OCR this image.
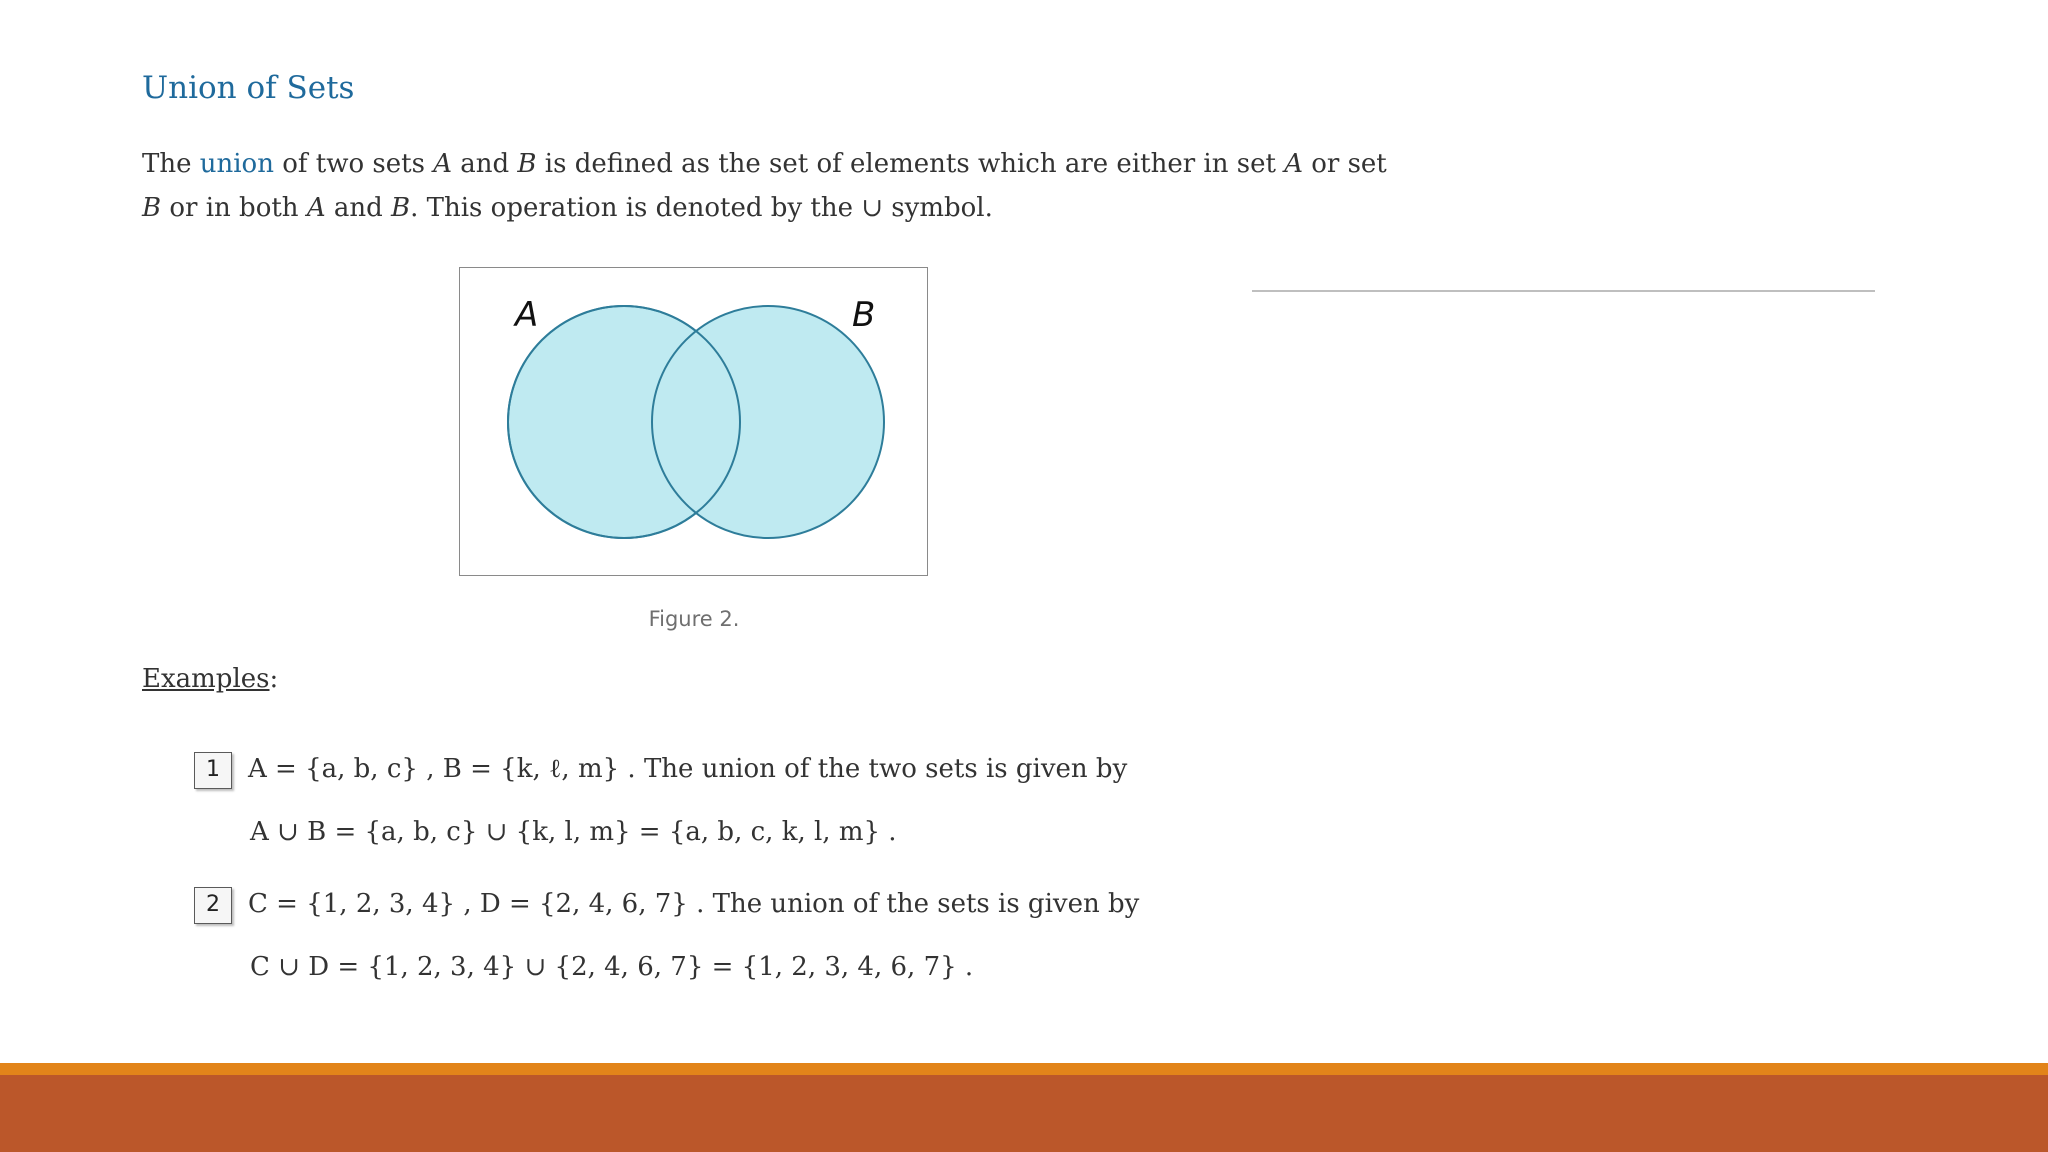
Union of Sets
The union of two sets A and B is defined as the set of elements which are either in set A or set
B or in both A and B. This operation is denoted by the ∪ symbol.
A	B
Figure 2.
Examples:
1	A = {a, b, c} , B = {k, ℓ, m} . The union of the two sets is given by
A ∪ B = {a, b, c} ∪ {k, l, m} = {a, b, c, k, l, m} .
2	C = {1, 2, 3, 4} , D = {2, 4, 6, 7} . The union of the sets is given by
C ∪ D = {1, 2, 3, 4} ∪ {2, 4, 6, 7} = {1, 2, 3, 4, 6, 7} .
